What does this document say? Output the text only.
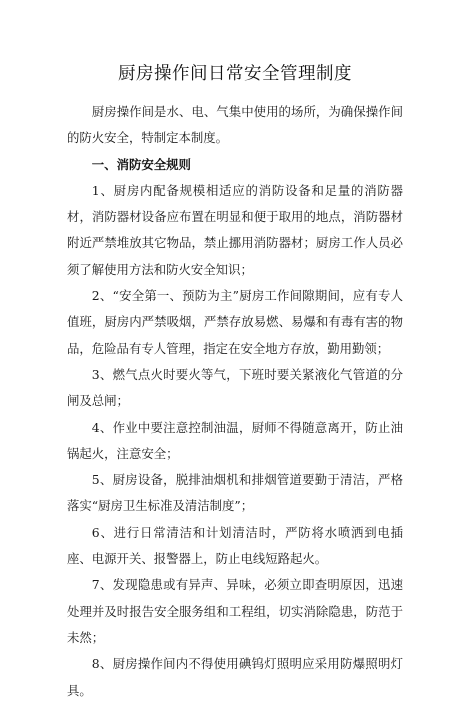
厨房操作间日常安全管理制度

厨房操作间是水、电、气集中使用的场所，为确保操作间的防火安全，特制定本制度。

一、消防安全规则

1、厨房内配备规模相适应的消防设备和足量的消防器材，消防器材设备应布置在明显和便于取用的地点，消防器材附近严禁堆放其它物品，禁止挪用消防器材；厨房工作人员必须了解使用方法和防火安全知识；

2、“安全第一、预防为主”厨房工作间隙期间，应有专人值班，厨房内严禁吸烟，严禁存放易燃、易爆和有毒有害的物品，危险品有专人管理，指定在安全地方存放，勤用勤领；

3、燃气点火时要火等气，下班时要关紧液化气管道的分闸及总闸；

4、作业中要注意控制油温，厨师不得随意离开，防止油锅起火，注意安全；

5、厨房设备，脱排油烟机和排烟管道要勤于清洁，严格落实“厨房卫生标准及清洁制度”；

6、进行日常清洁和计划清洁时，严防将水喷洒到电插座、电源开关、报警器上，防止电线短路起火。

7、发现隐患或有异声、异味，必须立即查明原因，迅速处理并及时报告安全服务组和工程组，切实消除隐患，防范于未然；

8、厨房操作间内不得使用碘钨灯照明应采用防爆照明灯具。
